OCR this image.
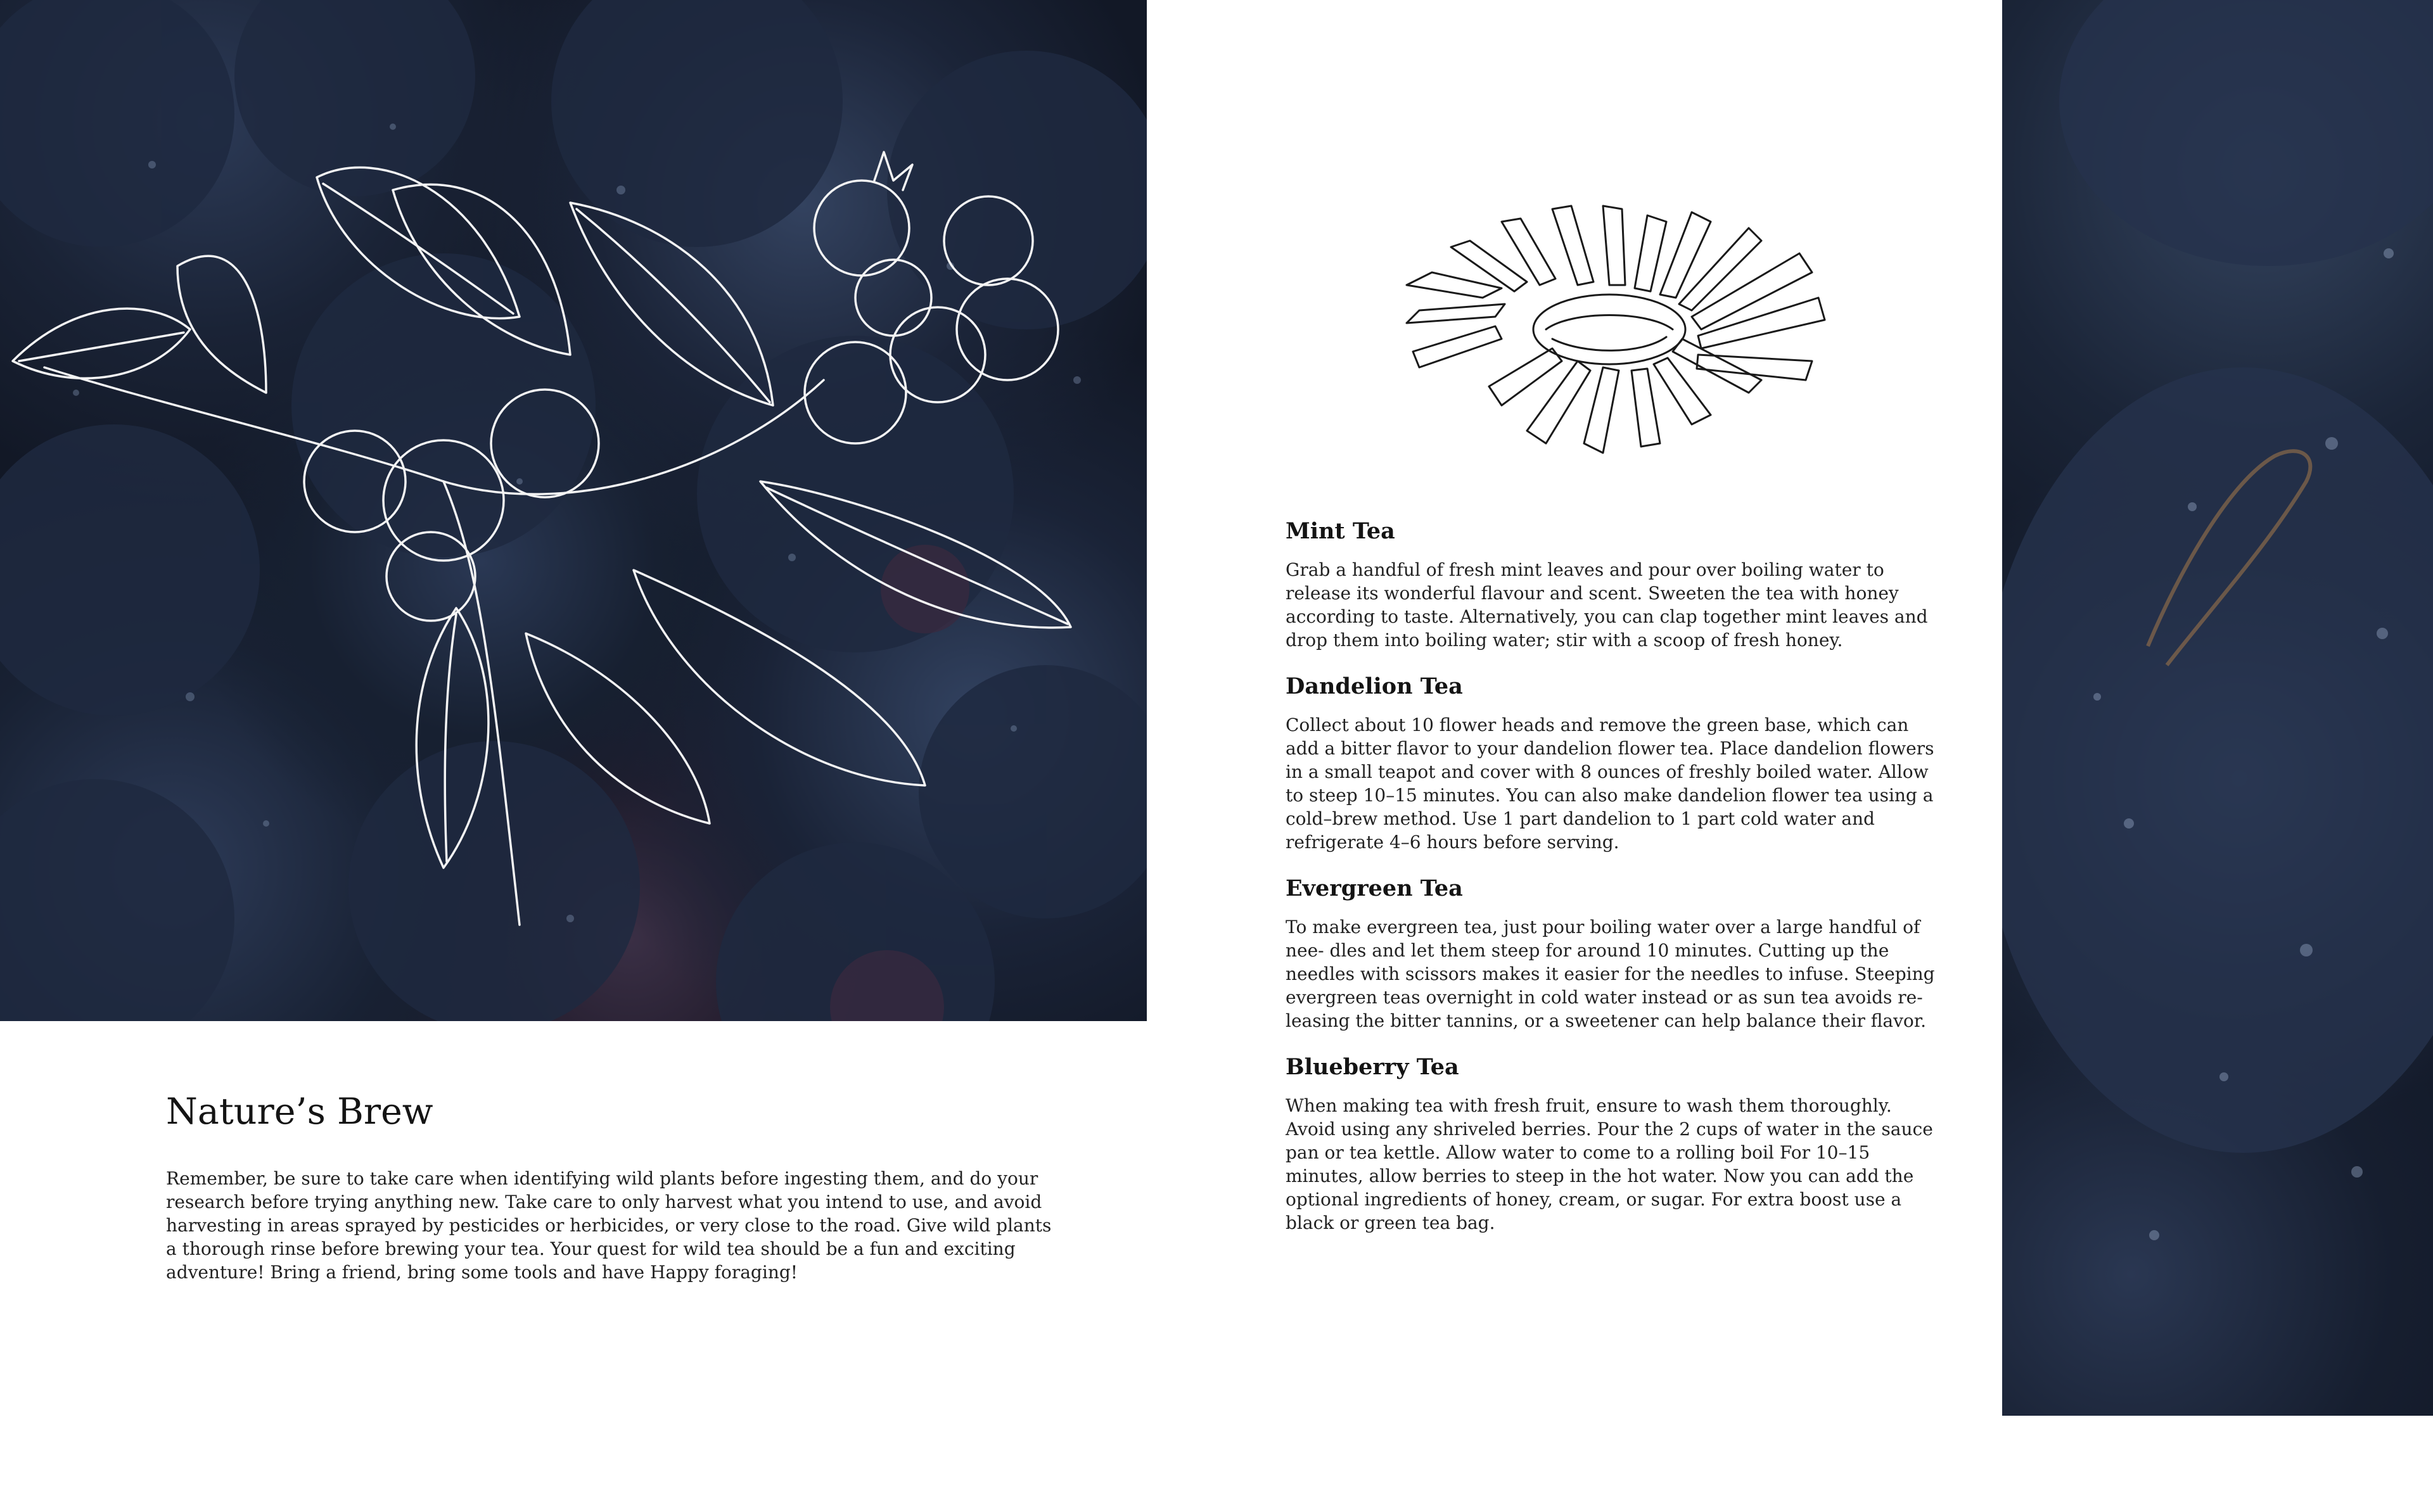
Nature’s Brew

Remember, be sure to take care when identifying wild plants before ingesting them, and do your research before trying anything new. Take care to only harvest what you intend to use, and avoid harvesting in areas sprayed by pesticides or herbicides, or very close to the road. Give wild plants a thorough rinse before brewing your tea. Your quest for wild tea should be a fun and exciting adventure! Bring a friend, bring some tools and have Happy foraging!

Mint Tea

Grab a handful of fresh mint leaves and pour over boiling water to release its wonderful flavour and scent. Sweeten the tea with honey according to taste. Alternatively, you can clap together mint leaves and drop them into boiling water; stir with a scoop of fresh honey.

Dandelion Tea

Collect about 10 flower heads and remove the green base, which can add a bitter flavor to your dandelion flower tea. Place dandelion flowers in a small teapot and cover with 8 ounces of freshly boiled water. Allow to steep 10–15 minutes. You can also make dandelion flower tea using a cold–brew method. Use 1 part dandelion to 1 part cold water and refrigerate 4–6 hours before serving.

Evergreen Tea

To make evergreen tea, just pour boiling water over a large handful of nee- dles and let them steep for around 10 minutes. Cutting up the needles with scissors makes it easier for the needles to infuse. Steeping evergreen teas overnight in cold water instead or as sun tea avoids re- leasing the bitter tannins, or a sweetener can help balance their flavor.

Blueberry Tea

When making tea with fresh fruit, ensure to wash them thoroughly. Avoid using any shriveled berries. Pour the 2 cups of water in the sauce pan or tea kettle. Allow water to come to a rolling boil For 10–15 minutes, allow berries to steep in the hot water. Now you can add the optional ingredients of honey, cream, or sugar. For extra boost use a black or green tea bag.
